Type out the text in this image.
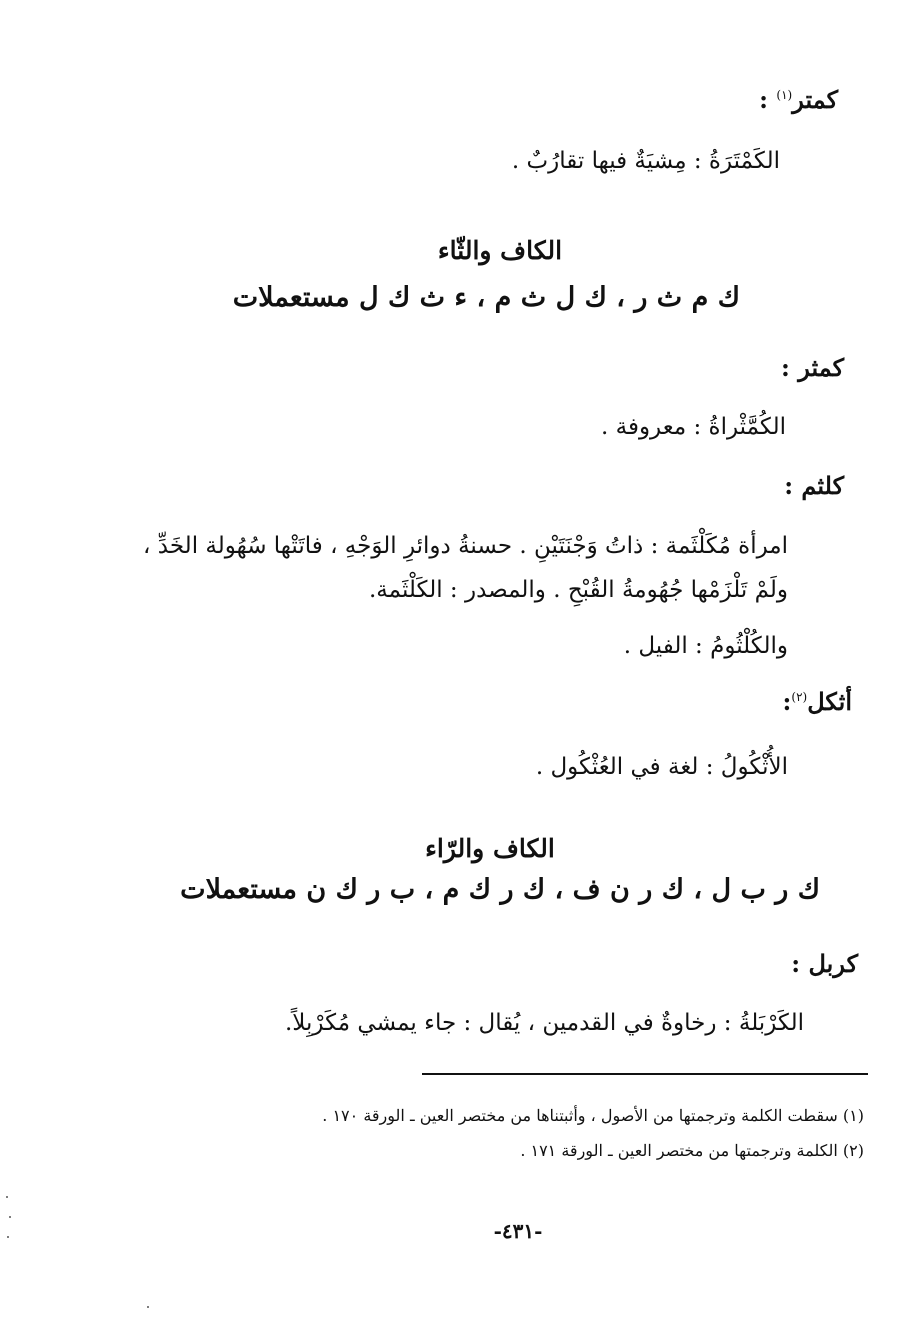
كمتر$^{(١)}$ :
الكَمْتَرَةُ : مِشيَةٌ فيها تقارُبٌ .
الكاف والثّاء
ك م ث ر ، ك ل ث م ، ء ث ك ل مستعملات
كمثر :
الكُمَّثْراةُ : معروفة .
كلثم :
امرأة مُكَلْثَمة : ذاتُ وَجْنَتَيْنِ . حسنةُ دوائرِ الوَجْهِ ، فاتَتْها سُهُولة الخَدِّ ،
ولَمْ تَلْزَمْها جُهُومةُ القُبْحِ . والمصدر : الكَلْثَمة.
والكُلْثُومُ : الفيل .
أثكل$^{(٢)}$:
الأُثْكُولُ : لغة في العُثْكُول .
الكاف والرّاء
ك ر ب ل ، ك ر ن ف ، ك ر ك م ، ب ر ك ن مستعملات
كربل :
الكَرْبَلةُ : رخاوةٌ في القدمين ، يُقال : جاء يمشي مُكَرْبِلاً.
(١) سقطت الكلمة وترجمتها من الأصول ، وأثبتناها من مختصر العين ـ الورقة ١٧٠ .
(٢) الكلمة وترجمتها من مختصر العين ـ الورقة ١٧١ .
-٤٣١-
